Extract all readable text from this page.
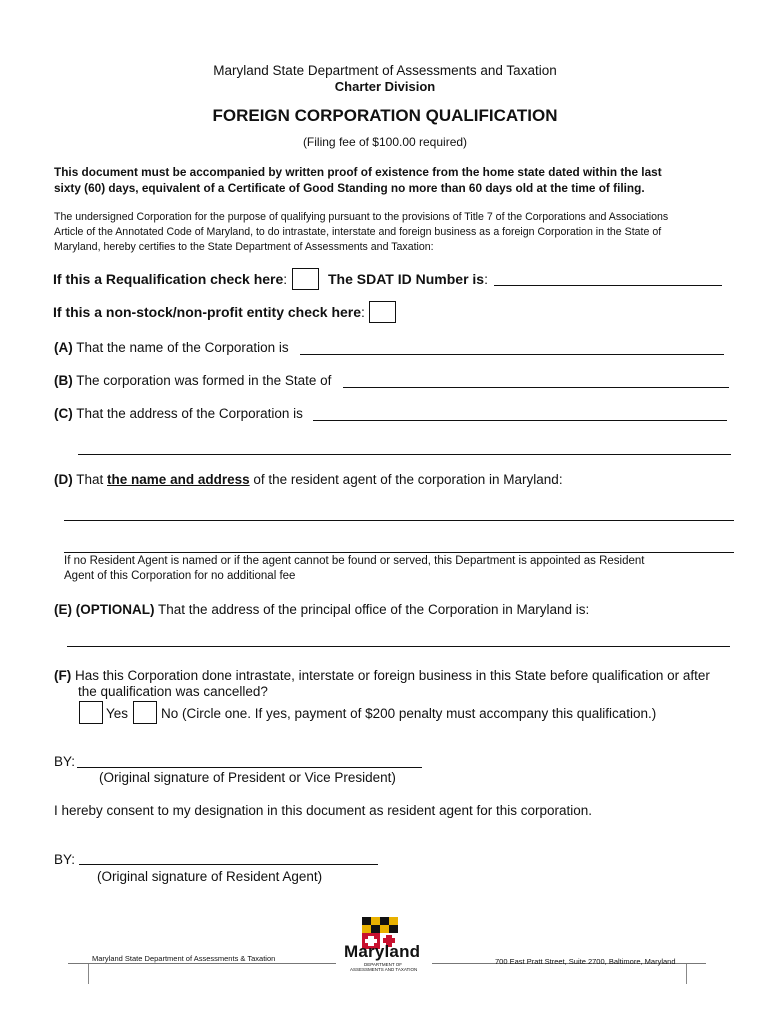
Maryland State Department of Assessments and Taxation
Charter Division
FOREIGN CORPORATION QUALIFICATION
(Filing fee of $100.00 required)
This document must be accompanied by written proof of existence from the home state dated within the last
sixty (60) days, equivalent of a Certificate of Good Standing no more than 60 days old at the time of filing.
The undersigned Corporation for the purpose of qualifying pursuant to the provisions of Title 7 of the Corporations and Associations
Article of the Annotated Code of Maryland, to do intrastate, interstate and foreign business as a foreign Corporation in the State of
Maryland, hereby certifies to the State Department of Assessments and Taxation:
If this a Requalification check here:	The SDAT ID Number is:
If this a non-stock/non-profit entity check here:
(A) That the name of the Corporation is
(B) The corporation was formed in the State of
(C) That the address of the Corporation is
(D) That the name and address of the resident agent of the corporation in Maryland:
If no Resident Agent is named or if the agent cannot be found or served, this Department is appointed as Resident
Agent of this Corporation for no additional fee
(E) (OPTIONAL) That the address of the principal office of the Corporation in Maryland is:
(F) Has this Corporation done intrastate, interstate or foreign business in this State before qualification or after
the qualification was cancelled?
Yes No (Circle one. If yes, payment of $200 penalty must accompany this qualification.)
BY:
(Original signature of President or Vice President)
I hereby consent to my designation in this document as resident agent for this corporation.
BY:
(Original signature of Resident Agent)
Maryland State Department of Assessments & Taxation	700 East Pratt Street, Suite 2700, Baltimore, Maryland
Maryland
DEPARTMENT OF
ASSESSMENTS AND TAXATION
